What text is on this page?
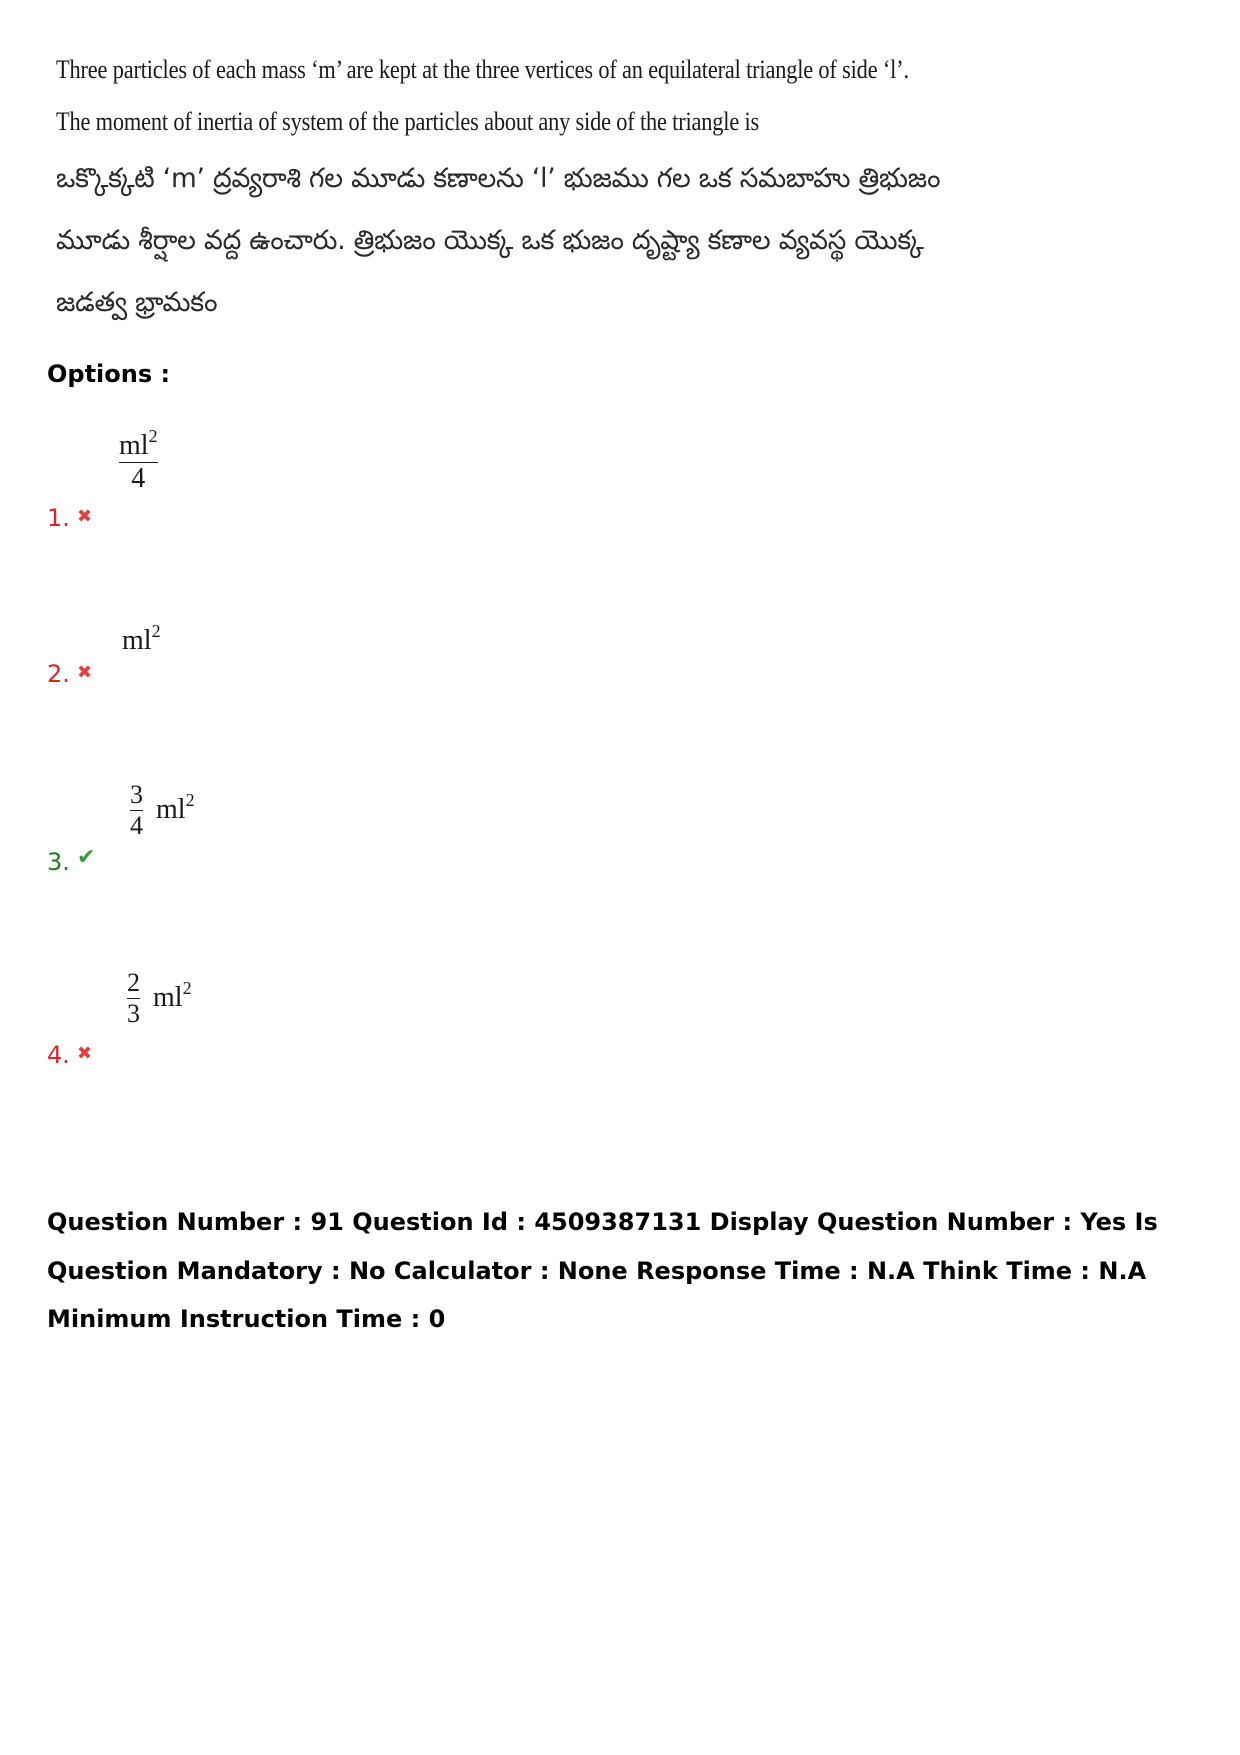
Three particles of each mass ‘m’ are kept at the three vertices of an equilateral triangle of side ‘l’.
The moment of inertia of system of the particles about any side of the triangle is
ఒక్కొక్కటి ‘m’ ద్రవ్యరాశి గల మూడు కణాలను ‘l’ భుజము గల ఒక సమబాహు త్రిభుజం
మూడు శీర్షాల వద్ద ఉంచారు. త్రిభుజం యొక్క ఒక భుజం దృష్ట్యా కణాల వ్యవస్థ యొక్క
జడత్వ భ్రామకం
Options :
1. ✖
$\frac{ml^2}{4}$
2. ✖
$ml^2$
3. ✔
$\frac{3}{4} ml^2$
4. ✖
$\frac{2}{3} ml^2$
Question Number : 91 Question Id : 4509387131 Display Question Number : Yes Is Question Mandatory : No Calculator : None Response Time : N.A Think Time : N.A Minimum Instruction Time : 0
